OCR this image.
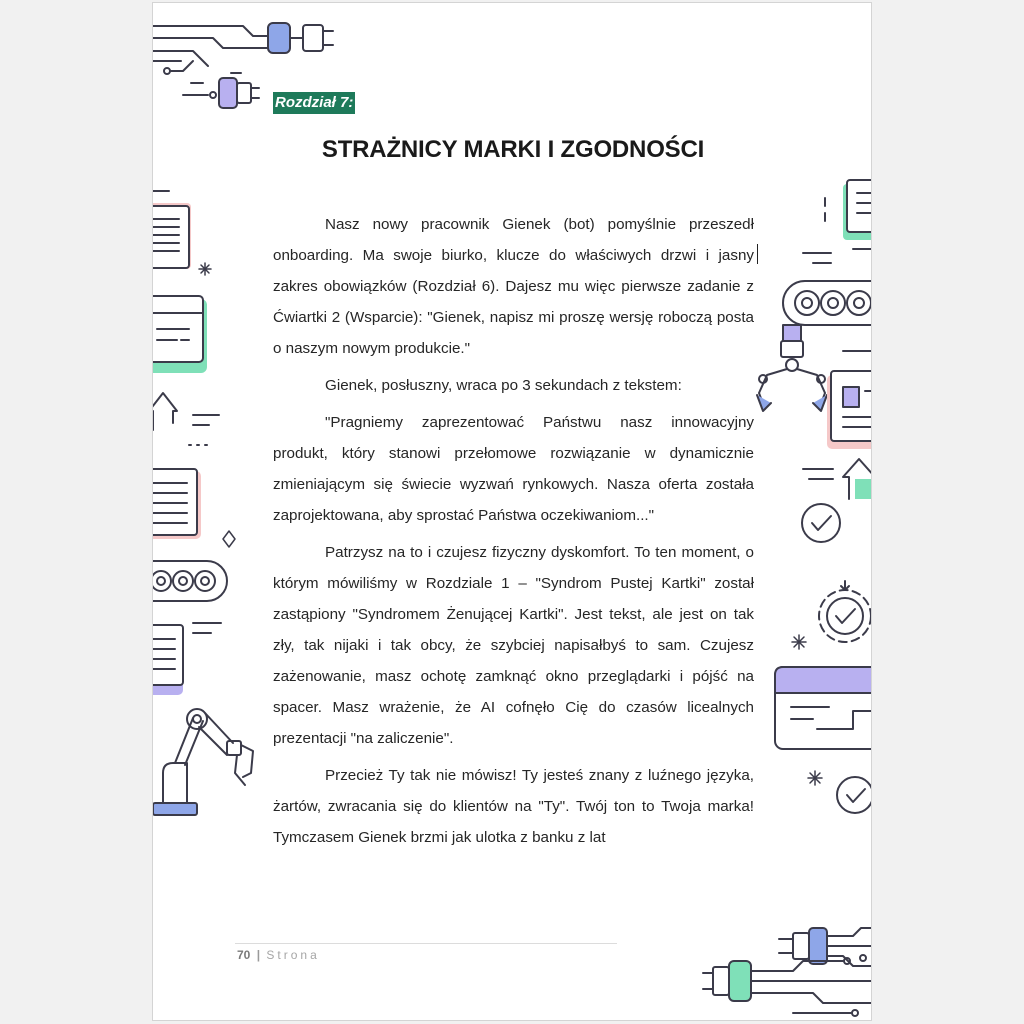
Rozdział 7:
STRAŻNICY MARKI I ZGODNOŚCI

Nasz nowy pracownik Gienek (bot) pomyślnie przeszedł onboarding. Ma swoje biurko, klucze do właściwych drzwi i jasny zakres obowiązków (Rozdział 6). Dajesz mu więc pierwsze zadanie z Ćwiartki 2 (Wsparcie): "Gienek, napisz mi proszę wersję roboczą posta o naszym nowym produkcie."

Gienek, posłuszny, wraca po 3 sekundach z tekstem:

"Pragniemy zaprezentować Państwu nasz innowacyjny produkt, który stanowi przełomowe rozwiązanie w dynamicznie zmieniającym się świecie wyzwań rynkowych. Nasza oferta została zaprojektowana, aby sprostać Państwa oczekiwaniom..."

Patrzysz na to i czujesz fizyczny dyskomfort. To ten moment, o którym mówiliśmy w Rozdziale 1 – "Syndrom Pustej Kartki" został zastąpiony "Syndromem Żenującej Kartki". Jest tekst, ale jest on tak zły, tak nijaki i tak obcy, że szybciej napisałbyś to sam. Czujesz zażenowanie, masz ochotę zamknąć okno przeglądarki i pójść na spacer. Masz wrażenie, że AI cofnęło Cię do czasów licealnych prezentacji "na zaliczenie".

Przecież Ty tak nie mówisz! Ty jesteś znany z luźnego języka, żartów, zwracania się do klientów na "Ty". Twój ton to Twoja marka! Tymczasem Gienek brzmi jak ulotka z banku z lat

70 | Strona
